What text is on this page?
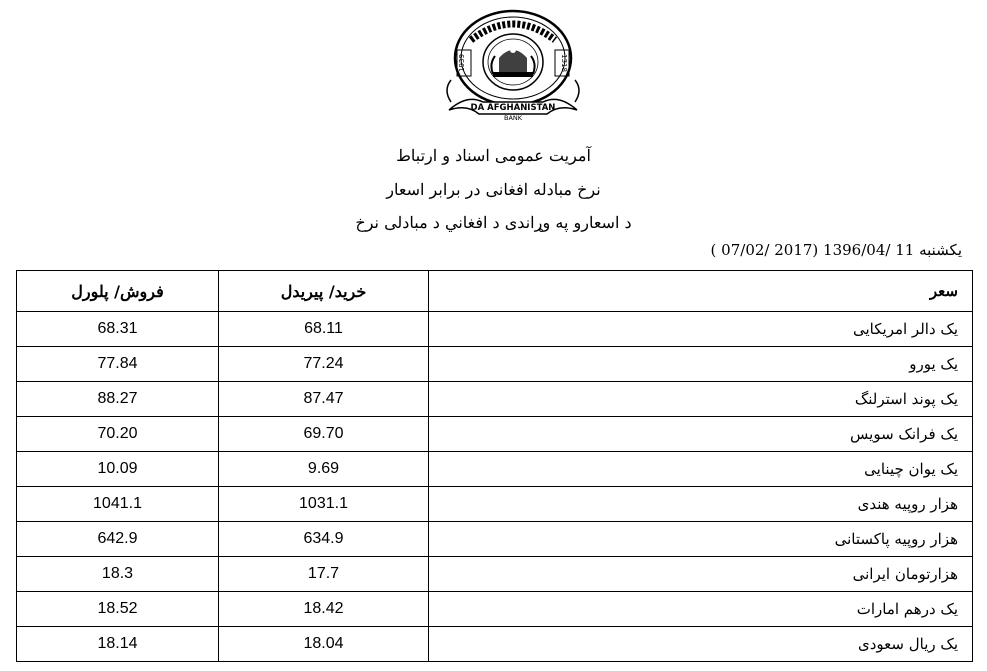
1939	1318
DA AFGHANISTAN
BANK
آمریت عمومی اسناد و ارتباط
نرخ مبادله افغانی در برابر اسعار
د اسعارو په وړاندی د افغاني د مبادلی نرخ
یکشنبه 11 /1396/04 (2017 /07/02 )
فروش/ پلورل	خرید/ پیریدل	سعر
68.31	68.11	یک دالر امریکایی
77.84	77.24	یک یورو
88.27	87.47	یک پوند استرلنگ
70.20	69.70	یک فرانک سویس
10.09	9.69	یک یوان چینایی
1041.1	1031.1	هزار روپیه هندی
642.9	634.9	هزار روپیه پاکستانی
18.3	17.7	هزارتومان ایرانی
18.52	18.42	یک درهم امارات
18.14	18.04	یک ریال سعودی
